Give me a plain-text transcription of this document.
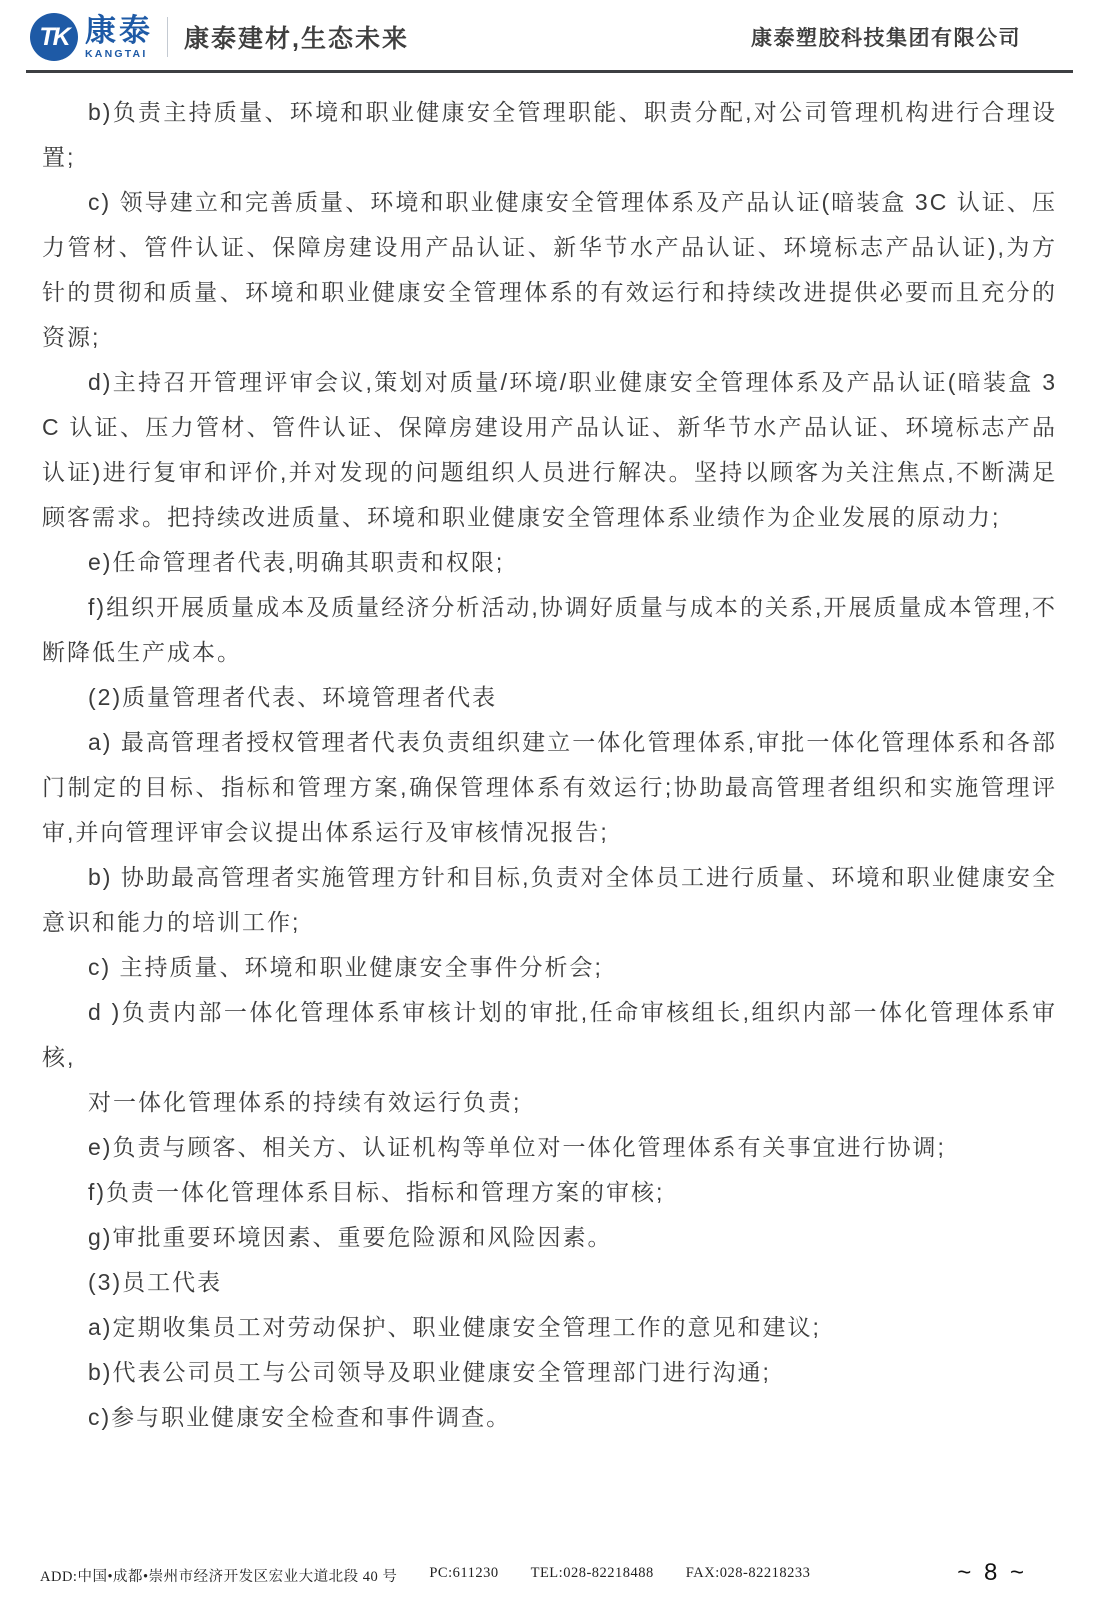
TK 康泰
KANGTAI
康泰建材,生态未来	康泰塑胶科技集团有限公司

b)负责主持质量、环境和职业健康安全管理职能、职责分配,对公司管理机构进行合理设置;

c) 领导建立和完善质量、环境和职业健康安全管理体系及产品认证(暗装盒 3C 认证、压力管材、管件认证、保障房建设用产品认证、新华节水产品认证、环境标志产品认证),为方针的贯彻和质量、环境和职业健康安全管理体系的有效运行和持续改进提供必要而且充分的资源;

d)主持召开管理评审会议,策划对质量/环境/职业健康安全管理体系及产品认证(暗装盒 3C 认证、压力管材、管件认证、保障房建设用产品认证、新华节水产品认证、环境标志产品认证)进行复审和评价,并对发现的问题组织人员进行解决。坚持以顾客为关注焦点,不断满足顾客需求。把持续改进质量、环境和职业健康安全管理体系业绩作为企业发展的原动力;

e)任命管理者代表,明确其职责和权限;

f)组织开展质量成本及质量经济分析活动,协调好质量与成本的关系,开展质量成本管理,不断降低生产成本。

(2)质量管理者代表、环境管理者代表

a) 最高管理者授权管理者代表负责组织建立一体化管理体系,审批一体化管理体系和各部门制定的目标、指标和管理方案,确保管理体系有效运行;协助最高管理者组织和实施管理评审,并向管理评审会议提出体系运行及审核情况报告;

b) 协助最高管理者实施管理方针和目标,负责对全体员工进行质量、环境和职业健康安全意识和能力的培训工作;

c) 主持质量、环境和职业健康安全事件分析会;

d )负责内部一体化管理体系审核计划的审批,任命审核组长,组织内部一体化管理体系审核,

对一体化管理体系的持续有效运行负责;

e)负责与顾客、相关方、认证机构等单位对一体化管理体系有关事宜进行协调;

f)负责一体化管理体系目标、指标和管理方案的审核;

g)审批重要环境因素、重要危险源和风险因素。

(3)员工代表

a)定期收集员工对劳动保护、职业健康安全管理工作的意见和建议;

b)代表公司员工与公司领导及职业健康安全管理部门进行沟通;

c)参与职业健康安全检查和事件调查。

ADD:中国•成都•崇州市经济开发区宏业大道北段 40 号 PC:611230 TEL:028-82218488 FAX:028-82218233	~ 8 ~
